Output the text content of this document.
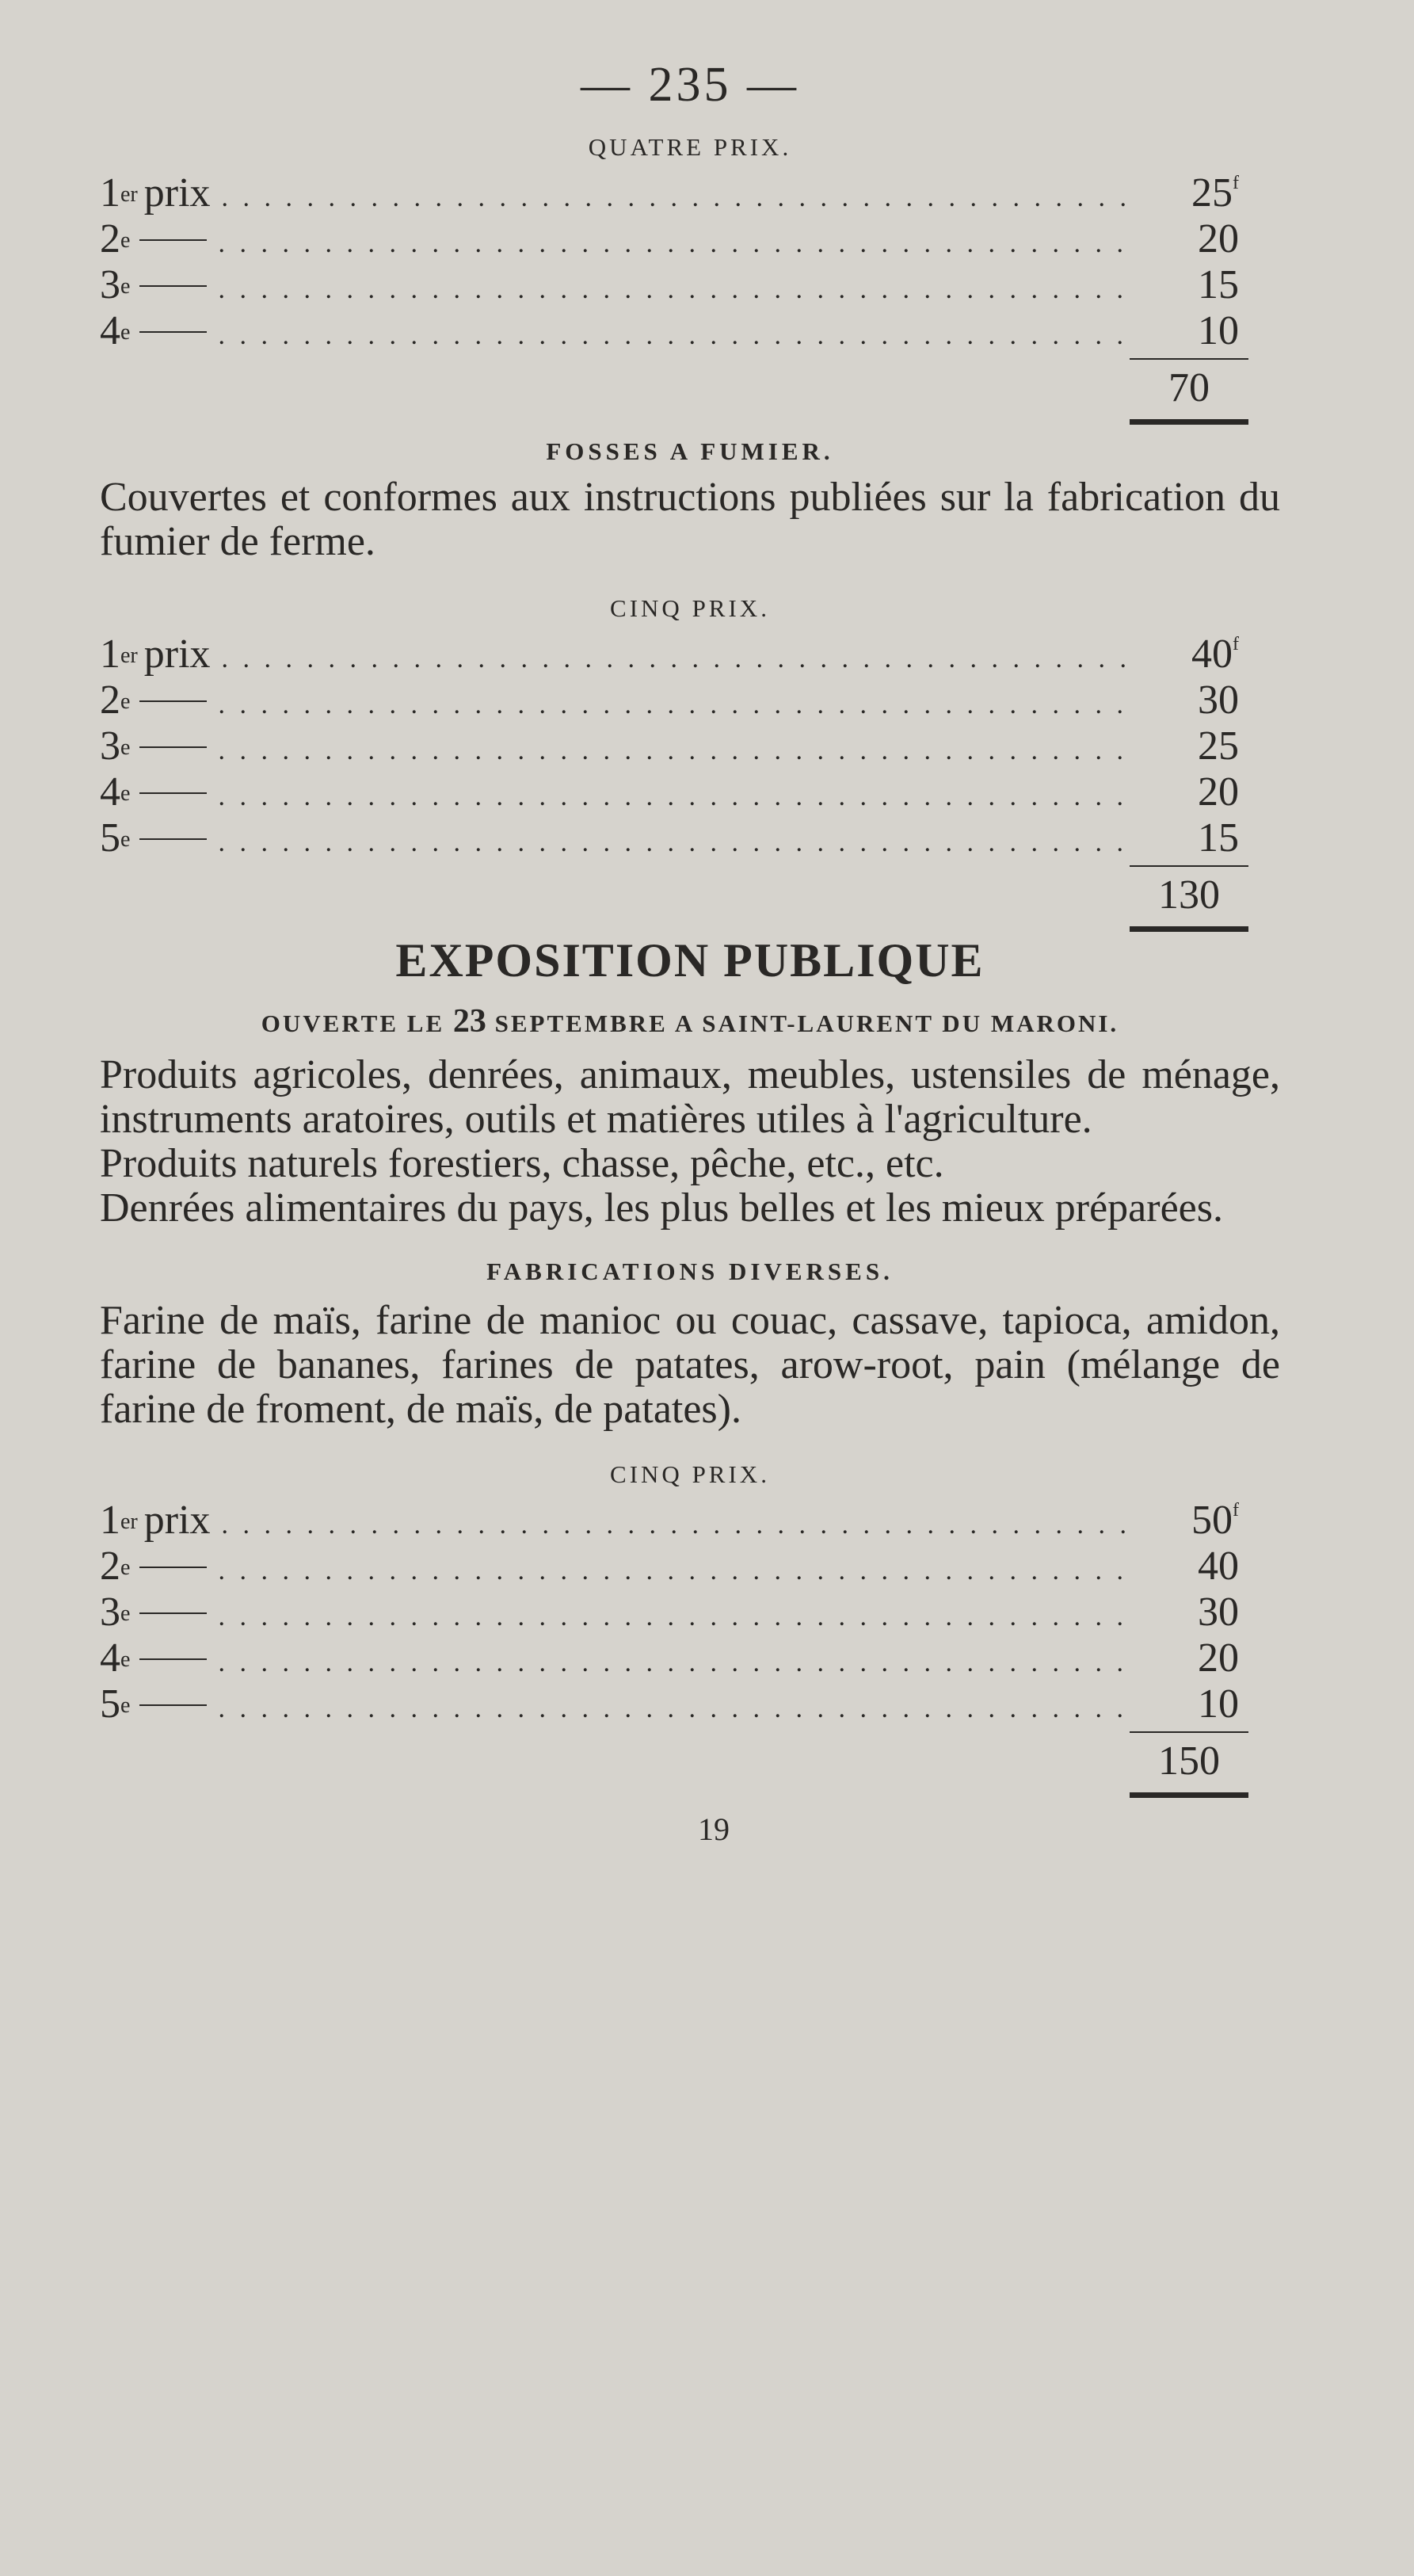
— 235 —
QUATRE PRIX.
1er prix . . .	25$^f$
2e . . .	20
3e . . .	15
4e . . .	10
70
FOSSES A FUMIER.

Couvertes et conformes aux instructions publiées sur la fabrication du fumier de ferme.

CINQ PRIX.
1er prix . . .	40$^f$
2e . . .	30
3e . . .	25
4e . . .	20
5e . . .	15
130
EXPOSITION PUBLIQUE
OUVERTE LE 23 SEPTEMBRE A SAINT-LAURENT DU MARONI.

Produits agricoles, denrées, animaux, meubles, ustensiles de ménage, instruments aratoires, outils et matières utiles à l'agriculture.

Produits naturels forestiers, chasse, pêche, etc., etc.

Denrées alimentaires du pays, les plus belles et les mieux préparées.

FABRICATIONS DIVERSES.

Farine de maïs, farine de manioc ou couac, cassave, tapioca, amidon, farine de bananes, farines de patates, arow-root, pain (mélange de farine de froment, de maïs, de patates).

CINQ PRIX.
1er prix . . .	50$^f$
2e . . .	40
3e . . .	30
4e . . .	20
5e . . .	10
150
19
